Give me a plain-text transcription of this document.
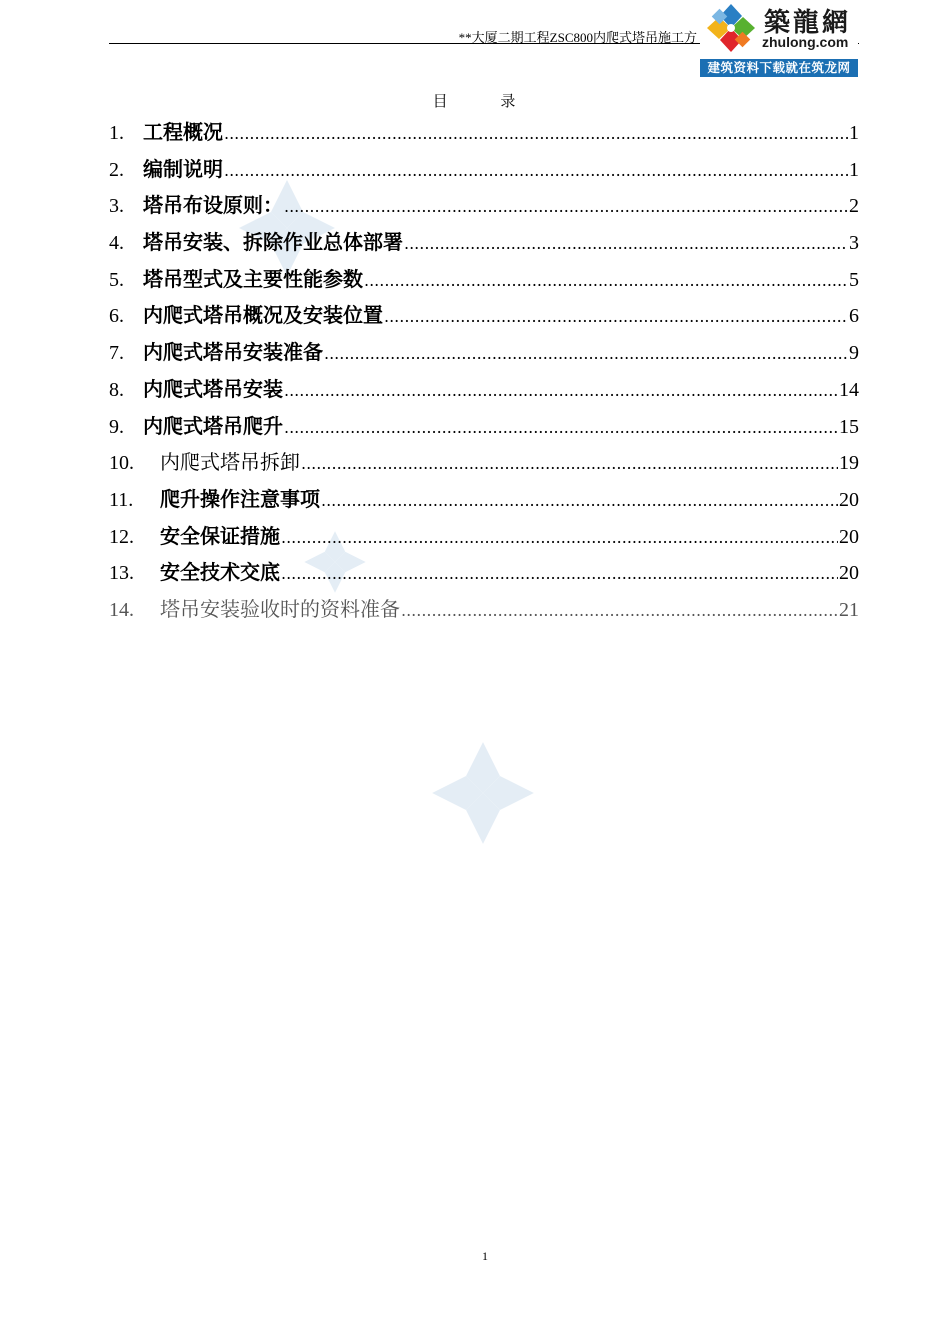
**大厦二期工程ZSC800内爬式塔吊施工方	築龍網
zhulong.com
建筑资料下载就在筑龙网
目 录
1. 工程概况 .....	1
2. 编制说明 .....	1
3. 塔吊布设原则： .....	2
4. 塔吊安装、拆除作业总体部署 .....	3
5. 塔吊型式及主要性能参数 .....	5
6. 内爬式塔吊概况及安装位置 .....	6
7. 内爬式塔吊安装准备 .....	9
8. 内爬式塔吊安装 .....	14
9. 内爬式塔吊爬升 .....	15
10.	内爬式塔吊拆卸 .....	19
11.	爬升操作注意事项 .....	20
12.	安全保证措施 .....	20
13.	安全技术交底 .....	20
14.	塔吊安装验收时的资料准备 .....	21
1
